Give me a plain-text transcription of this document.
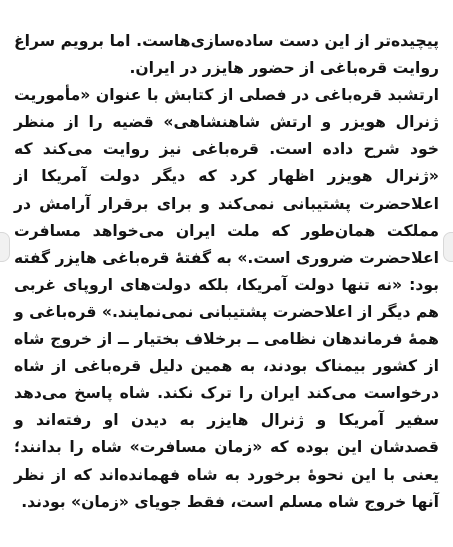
پیچیده‌تر از این دست ساده‌سازی‌هاست. اما برویم سراغ روایت قره‌باغی از حضور هایزر در ایران.

ارتشبد قره‌باغی در فصلی از کتابش با عنوان «مأموریت ژنرال هویزر و ارتش شاهنشاهی» قضیه را از منظر خود شرح داده است. قره‌باغی نیز روایت می‌کند که «ژنرال هویزر اظهار کرد که دیگر دولت آمریکا از اعلاحضرت پشتیبانی نمی‌کند و برای برقرار آرامش در مملکت همان‌طور که ملت ایران می‌خواهد مسافرت اعلاحضرت ضروری است.» به گفتهٔ قره‌باغی هایزر گفته بود: «نه تنها دولت آمریکا، بلکه دولت‌های اروپای غربی هم دیگر از اعلاحضرت پشتیبانی نمی‌نمایند.» قره‌باغی و همهٔ فرماندهان نظامی ــ برخلاف بختیار ــ از خروج شاه از کشور بیمناک بودند، به همین دلیل قره‌باغی از شاه درخواست می‌کند ایران را ترک نکند. شاه پاسخ می‌دهد سفیر آمریکا و ژنرال هایزر به دیدن او رفته‌اند و قصدشان این بوده که «زمان مسافرت» شاه را بدانند؛ یعنی با این نحوهٔ برخورد به شاه فهمانده‌اند که از نظر آنها خروج شاه مسلم است، فقط جویای «زمان» بودند.
